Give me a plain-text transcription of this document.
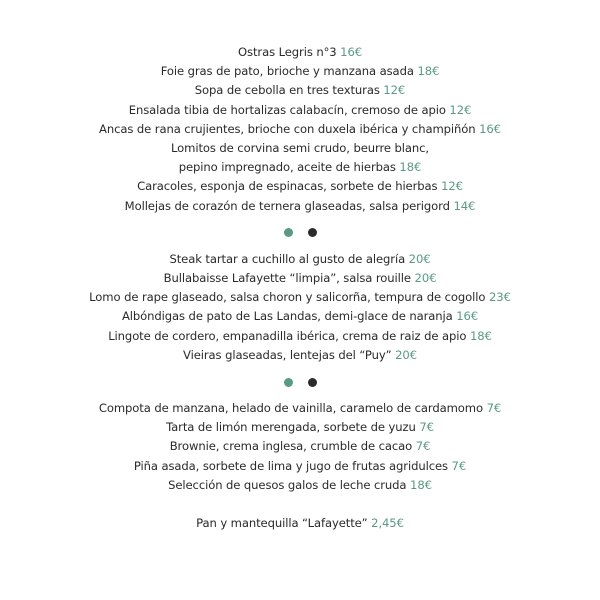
Ostras Legris n°3 16€
Foie gras de pato, brioche y manzana asada 18€
Sopa de cebolla en tres texturas 12€
Ensalada tibia de hortalizas calabacín, cremoso de apio 12€
Ancas de rana crujientes, brioche con duxela ibérica y champiñón 16€
Lomitos de corvina semi crudo, beurre blanc,
pepino impregnado, aceite de hierbas 18€
Caracoles, esponja de espinacas, sorbete de hierbas 12€
Mollejas de corazón de ternera glaseadas, salsa perigord 14€
Steak tartar a cuchillo al gusto de alegría 20€
Bullabaisse Lafayette “limpia”, salsa rouille 20€
Lomo de rape glaseado, salsa choron y salicorña, tempura de cogollo 23€
Albóndigas de pato de Las Landas, demi-glace de naranja 16€
Lingote de cordero, empanadilla ibérica, crema de raiz de apio 18€
Vieiras glaseadas, lentejas del “Puy” 20€
Compota de manzana, helado de vainilla, caramelo de cardamomo 7€
Tarta de limón merengada, sorbete de yuzu 7€
Brownie, crema inglesa, crumble de cacao 7€
Piña asada, sorbete de lima y jugo de frutas agridulces 7€
Selección de quesos galos de leche cruda 18€
Pan y mantequilla “Lafayette” 2,45€
